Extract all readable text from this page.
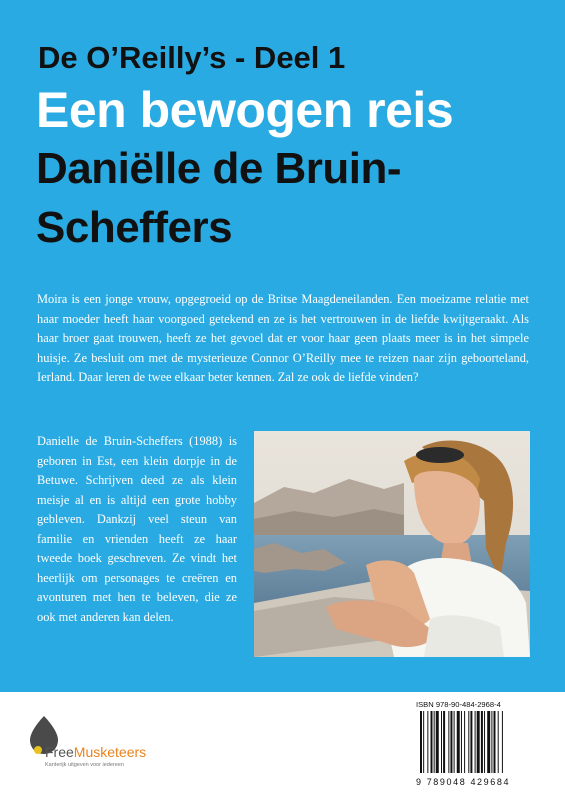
De O’Reilly’s - Deel 1
Een bewogen reis Daniëlle de Bruin-Scheffers
Moira is een jonge vrouw, opgegroeid op de Britse Maagdeneilanden. Een moeizame relatie met haar moeder heeft haar voorgoed getekend en ze is het vertrouwen in de liefde kwijtgeraakt. Als haar broer gaat trouwen, heeft ze het gevoel dat er voor haar geen plaats meer is in het simpele huisje. Ze besluit om met de mysterieuze Connor O’Reilly mee te reizen naar zijn geboorteland, Ierland. Daar leren de twee elkaar beter kennen. Zal ze ook de liefde vinden?
Danielle de Bruin-Scheffers (1988) is geboren in Est, een klein dorpje in de Betuwe. Schrijven deed ze als klein meisje al en is altijd een grote hobby gebleven. Dankzij veel steun van familie en vrienden heeft ze haar tweede boek geschreven. Ze vindt het heerlijk om personages te creëren en avonturen met hen te beleven, die ze ook met anderen kan delen.
FreeMusketeers
Kanterijk uitgeven voor iedereen
ISBN 978-90-484-2968-4
9 789048 429684
